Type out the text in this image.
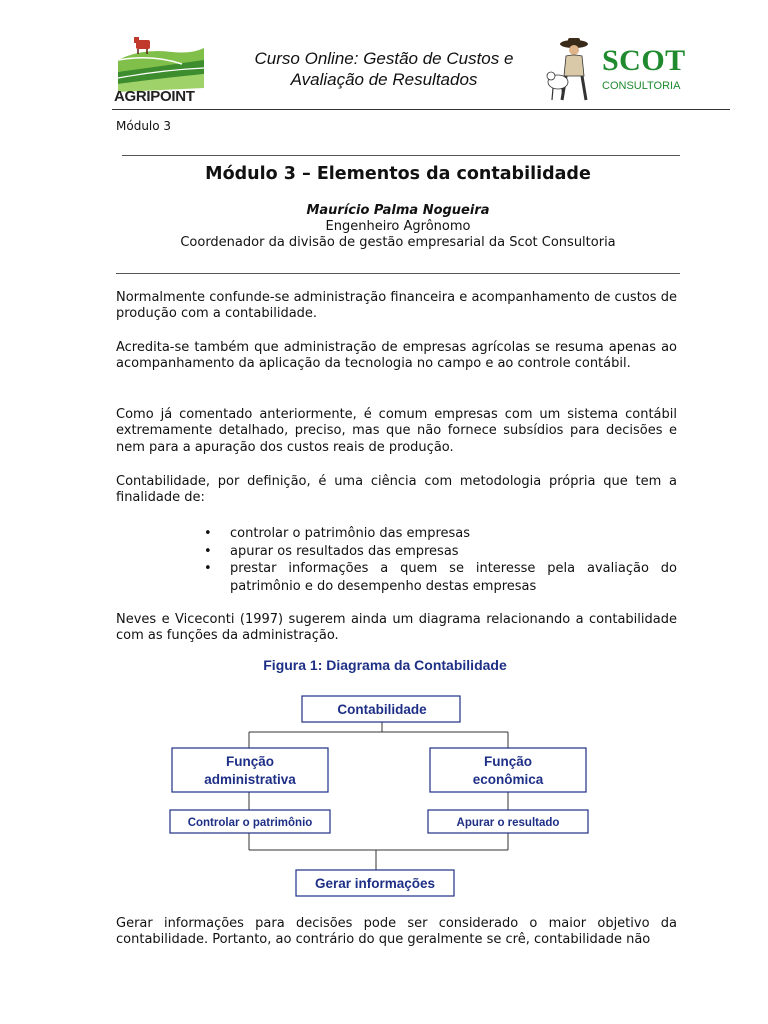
AGRIPOINT
Curso Online: Gestão de Custos e
Avaliação de Resultados
SCOT
CONSULTORIA
Módulo 3
Módulo 3 – Elementos da contabilidade
Maurício Palma Nogueira
Engenheiro Agrônomo
Coordenador da divisão de gestão empresarial da Scot Consultoria

Normalmente confunde-se administração financeira e acompanhamento de custos de produção com a contabilidade.

Acredita-se também que administração de empresas agrícolas se resuma apenas ao acompanhamento da aplicação da tecnologia no campo e ao controle contábil.

Como já comentado anteriormente, é comum empresas com um sistema contábil extremamente detalhado, preciso, mas que não fornece subsídios para decisões e nem para a apuração dos custos reais de produção.

Contabilidade, por definição, é uma ciência com metodologia própria que tem a finalidade de:

• controlar o patrimônio das empresas
• apurar os resultados das empresas
• prestar informações a quem se interesse pela avaliação do patrimônio e do desempenho destas empresas

Neves e Viceconti (1997) sugerem ainda um diagrama relacionando a contabilidade com as funções da administração.

Figura 1: Diagrama da Contabilidade
Contabilidade
Função
administrativa
Função
econômica
Controlar o patrimônio	Apurar o resultado
Gerar informações

Gerar informações para decisões pode ser considerado o maior objetivo da contabilidade. Portanto, ao contrário do que geralmente se crê, contabilidade não
